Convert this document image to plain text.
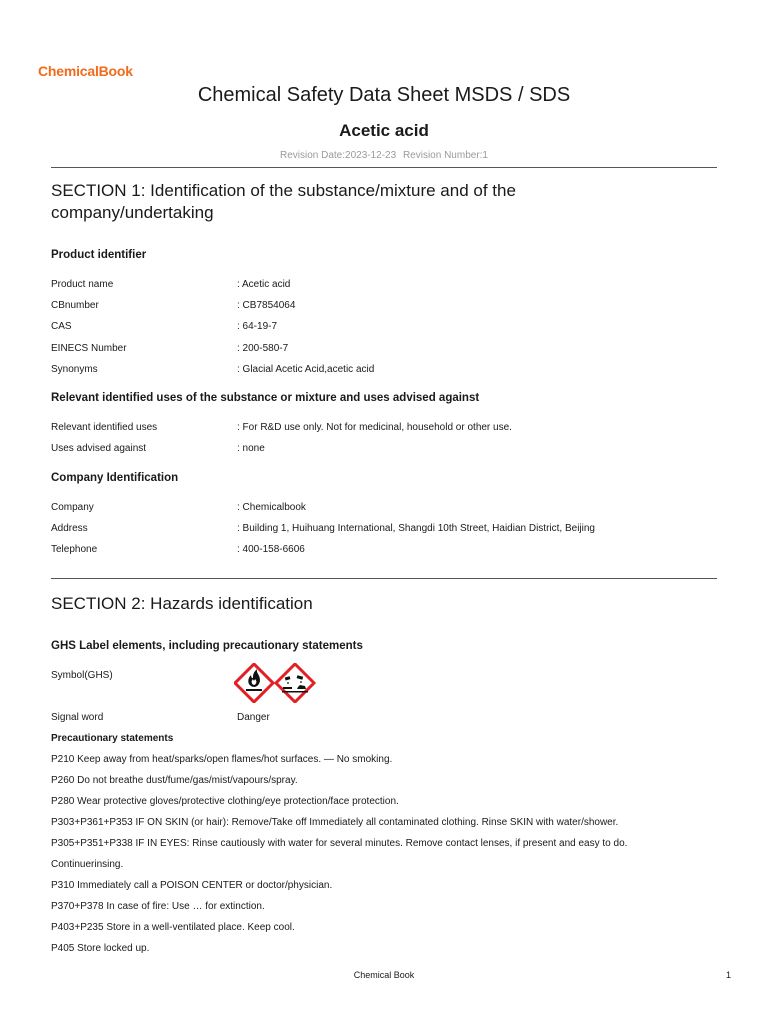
ChemicalBook
Chemical Safety Data Sheet MSDS / SDS
Acetic acid
Revision Date:2023-12-23 Revision Number:1
SECTION 1: Identification of the substance/mixture and of the
company/undertaking
Product identifier
Product name	: Acetic acid
CBnumber	: CB7854064
CAS	: 64-19-7
EINECS Number	: 200-580-7
Synonyms	: Glacial Acetic Acid,acetic acid
Relevant identified uses of the substance or mixture and uses advised against
Relevant identified uses	: For R&D use only. Not for medicinal, household or other use.
Uses advised against	: none
Company Identification
Company	: Chemicalbook
Address	: Building 1, Huihuang International, Shangdi 10th Street, Haidian District, Beijing
Telephone	: 400-158-6606
SECTION 2: Hazards identification
GHS Label elements, including precautionary statements
Symbol(GHS)
Signal word	Danger
Precautionary statements
P210 Keep away from heat/sparks/open flames/hot surfaces. — No smoking.
P260 Do not breathe dust/fume/gas/mist/vapours/spray.
P280 Wear protective gloves/protective clothing/eye protection/face protection.
P303+P361+P353 IF ON SKIN (or hair): Remove/Take off Immediately all contaminated clothing. Rinse SKIN with water/shower.
P305+P351+P338 IF IN EYES: Rinse cautiously with water for several minutes. Remove contact lenses, if present and easy to do.
Continuerinsing.
P310 Immediately call a POISON CENTER or doctor/physician.
P370+P378 In case of fire: Use … for extinction.
P403+P235 Store in a well-ventilated place. Keep cool.
P405 Store locked up.
Chemical Book	1
